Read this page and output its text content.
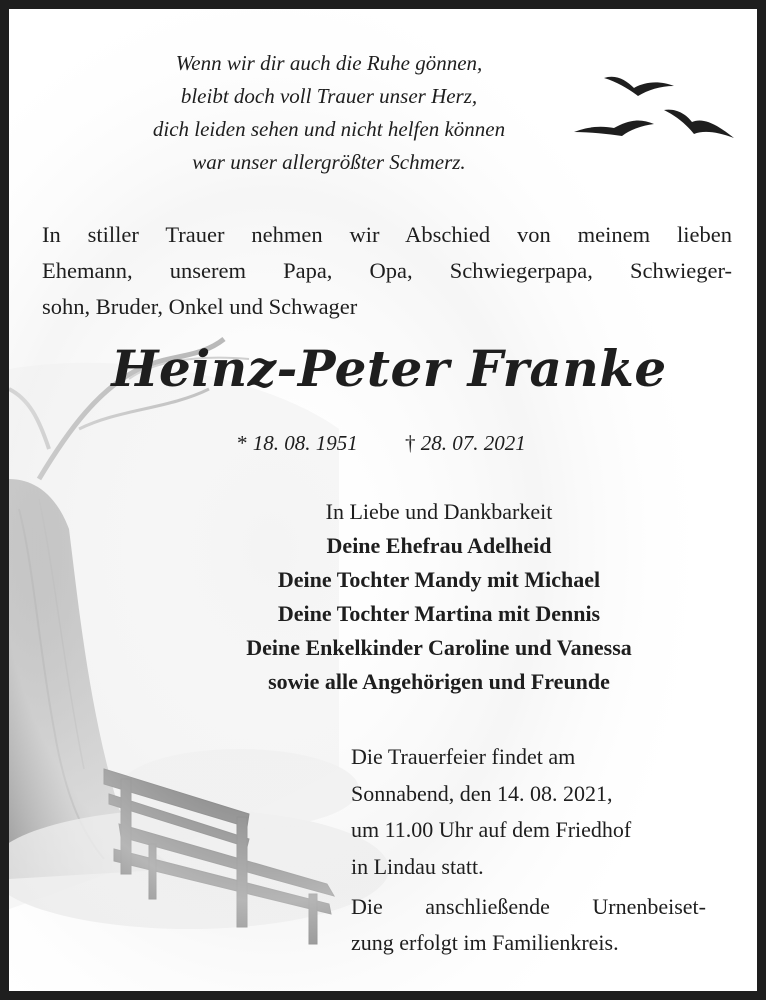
Wenn wir dir auch die Ruhe gönnen,
bleibt doch voll Trauer unser Herz,
dich leiden sehen und nicht helfen können
war unser allergrößter Schmerz.
In stiller Trauer nehmen wir Abschied von meinem lieben
Ehemann, unserem Papa, Opa, Schwiegerpapa, Schwieger-
sohn, Bruder, Onkel und Schwager
Heinz-Peter Franke
* 18. 08. 1951 † 28. 07. 2021
In Liebe und Dankbarkeit
Deine Ehefrau Adelheid
Deine Tochter Mandy mit Michael
Deine Tochter Martina mit Dennis
Deine Enkelkinder Caroline und Vanessa
sowie alle Angehörigen und Freunde
Die Trauerfeier findet am
Sonnabend, den 14. 08. 2021,
um 11.00 Uhr auf dem Friedhof
in Lindau statt.
Die anschließende Urnenbeiset-
zung erfolgt im Familienkreis.
